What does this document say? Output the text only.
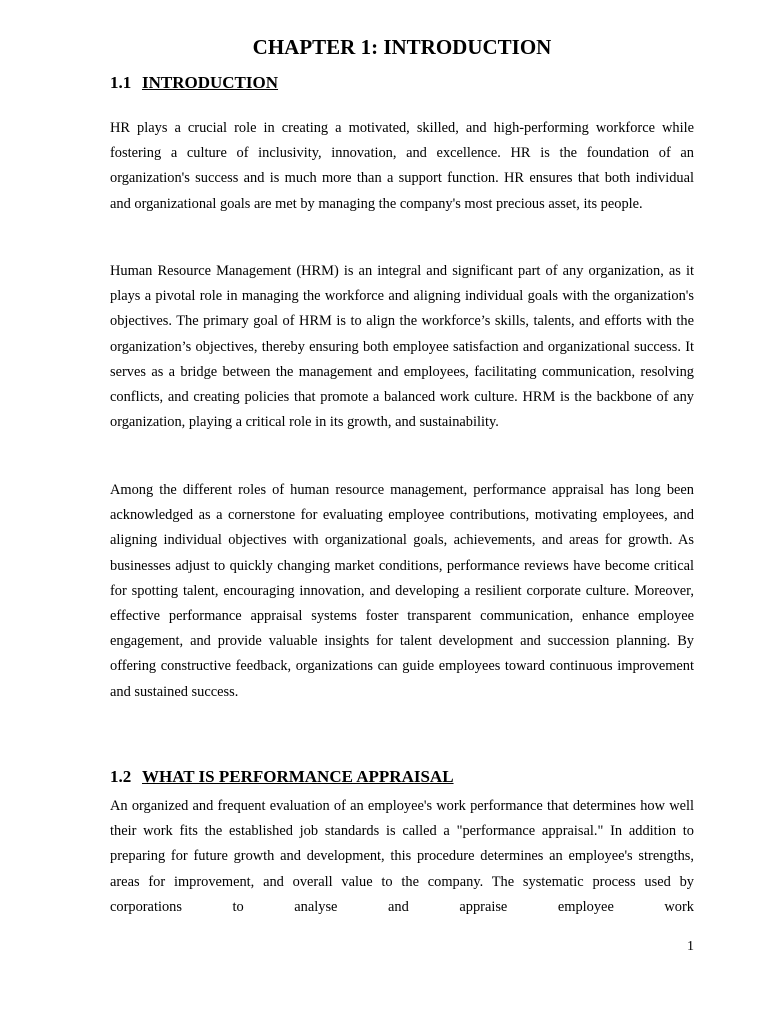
CHAPTER 1: INTRODUCTION
1.1 INTRODUCTION

HR plays a crucial role in creating a motivated, skilled, and high-performing workforce while fostering a culture of inclusivity, innovation, and excellence. HR is the foundation of an organization's success and is much more than a support function. HR ensures that both individual and organizational goals are met by managing the company's most precious asset, its people.

Human Resource Management (HRM) is an integral and significant part of any organization, as it plays a pivotal role in managing the workforce and aligning individual goals with the organization's objectives. The primary goal of HRM is to align the workforce’s skills, talents, and efforts with the organization’s objectives, thereby ensuring both employee satisfaction and organizational success. It serves as a bridge between the management and employees, facilitating communication, resolving conflicts, and creating policies that promote a balanced work culture. HRM is the backbone of any organization, playing a critical role in its growth, and sustainability.

Among the different roles of human resource management, performance appraisal has long been acknowledged as a cornerstone for evaluating employee contributions, motivating employees, and aligning individual objectives with organizational goals, achievements, and areas for growth. As businesses adjust to quickly changing market conditions, performance reviews have become critical for spotting talent, encouraging innovation, and developing a resilient corporate culture. Moreover, effective performance appraisal systems foster transparent communication, enhance employee engagement, and provide valuable insights for talent development and succession planning. By offering constructive feedback, organizations can guide employees toward continuous improvement and sustained success.

1.2 WHAT IS PERFORMANCE APPRAISAL

An organized and frequent evaluation of an employee's work performance that determines how well their work fits the established job standards is called a "performance appraisal." In addition to preparing for future growth and development, this procedure determines an employee's strengths, areas for improvement, and overall value to the company. The systematic process used by corporations to analyse and appraise employee work

1
